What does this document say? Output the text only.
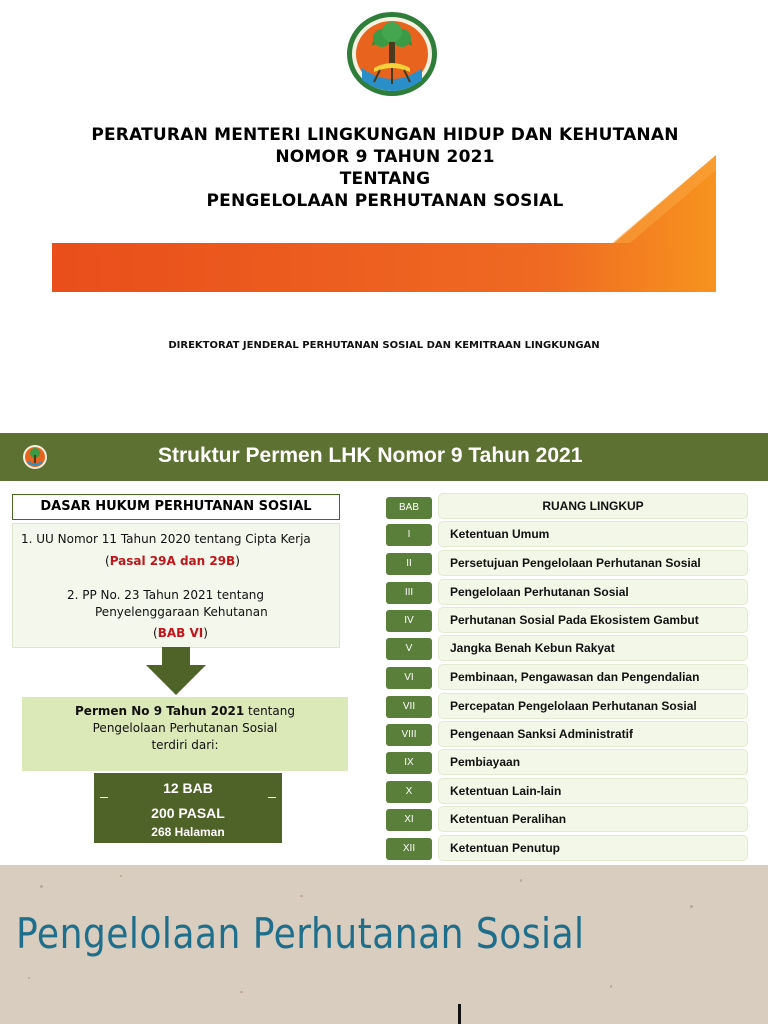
PERATURAN MENTERI LINGKUNGAN HIDUP DAN KEHUTANAN
NOMOR 9 TAHUN 2021
TENTANG
PENGELOLAAN PERHUTANAN SOSIAL
DIREKTORAT JENDERAL PERHUTANAN SOSIAL DAN KEMITRAAN LINGKUNGAN
Struktur Permen LHK Nomor 9 Tahun 2021
DASAR HUKUM PERHUTANAN SOSIAL
1. UU Nomor 11 Tahun 2020 tentang Cipta Kerja
(Pasal 29A dan 29B)
2. PP No. 23 Tahun 2021 tentang
Penyelenggaraan Kehutanan
(BAB VI)
Permen No 9 Tahun 2021 tentang
Pengelolaan Perhutanan Sosial
terdiri dari:
12 BAB
200 PASAL
268 Halaman
BAB	RUANG LINGKUP
I	Ketentuan Umum
II	Persetujuan Pengelolaan Perhutanan Sosial
III	Pengelolaan Perhutanan Sosial
IV	Perhutanan Sosial Pada Ekosistem Gambut
V	Jangka Benah Kebun Rakyat
VI	Pembinaan, Pengawasan dan Pengendalian
VII	Percepatan Pengelolaan Perhutanan Sosial
VIII	Pengenaan Sanksi Administratif
IX	Pembiayaan
X	Ketentuan Lain-lain
XI	Ketentuan Peralihan
XII	Ketentuan Penutup
Pengelolaan Perhutanan Sosial
